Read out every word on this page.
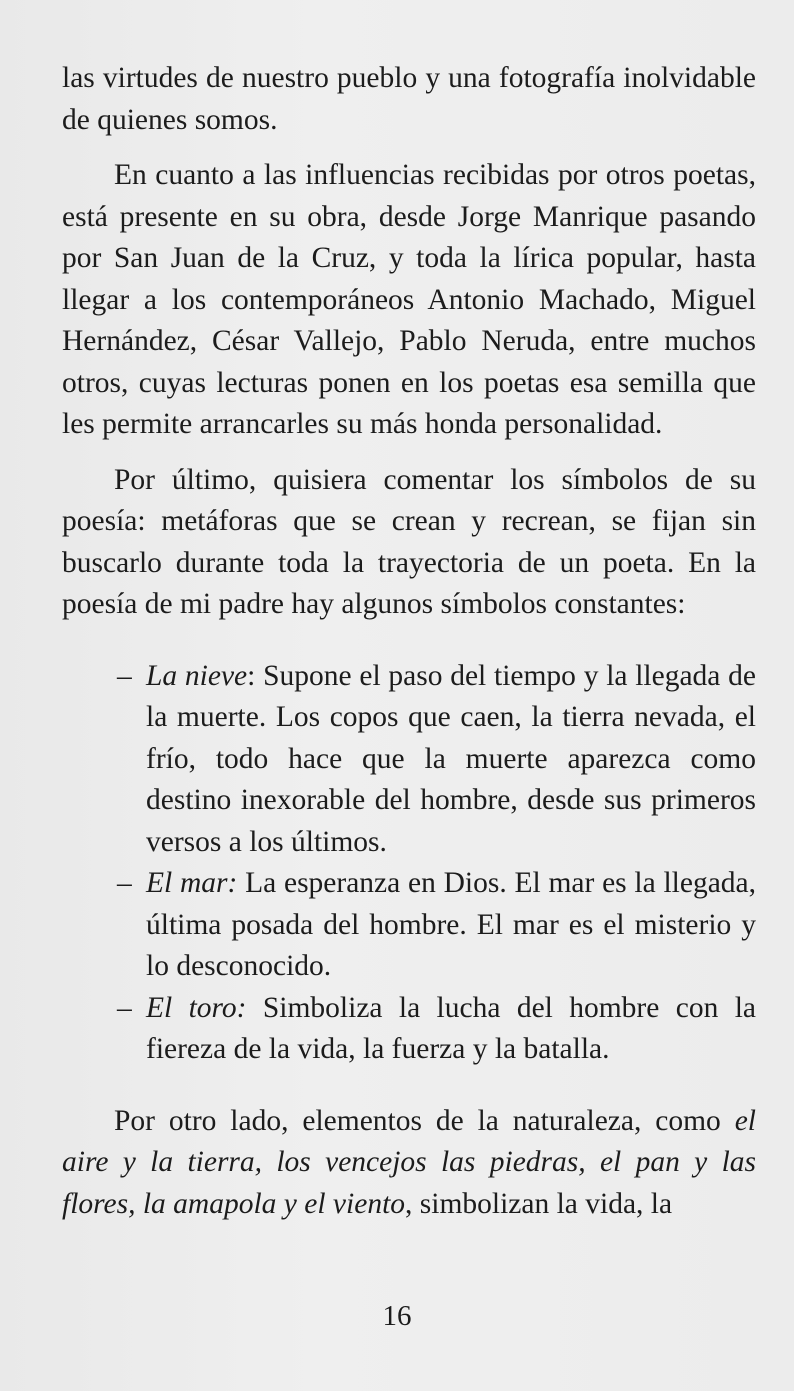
las virtudes de nuestro pueblo y una fotografía inolvidable de quienes somos.

En cuanto a las influencias recibidas por otros poetas, está presente en su obra, desde Jorge Manrique pasando por San Juan de la Cruz, y toda la lírica popular, hasta llegar a los contemporáneos Antonio Machado, Miguel Hernández, César Vallejo, Pablo Neruda, entre muchos otros, cuyas lecturas ponen en los poetas esa semilla que les permite arrancarles su más honda personalidad.

Por último, quisiera comentar los símbolos de su poesía: metáforas que se crean y recrean, se fijan sin buscarlo durante toda la trayectoria de un poeta. En la poesía de mi padre hay algunos símbolos constantes:

– La nieve: Supone el paso del tiempo y la llegada de la muerte. Los copos que caen, la tierra nevada, el frío, todo hace que la muerte aparezca como destino inexorable del hombre, desde sus primeros versos a los últimos.
– El mar: La esperanza en Dios. El mar es la llegada, última posada del hombre. El mar es el misterio y lo desconocido.
– El toro: Simboliza la lucha del hombre con la fiereza de la vida, la fuerza y la batalla.

Por otro lado, elementos de la naturaleza, como el aire y la tierra, los vencejos las piedras, el pan y las flores, la amapola y el viento, simbolizan la vida, la

16
